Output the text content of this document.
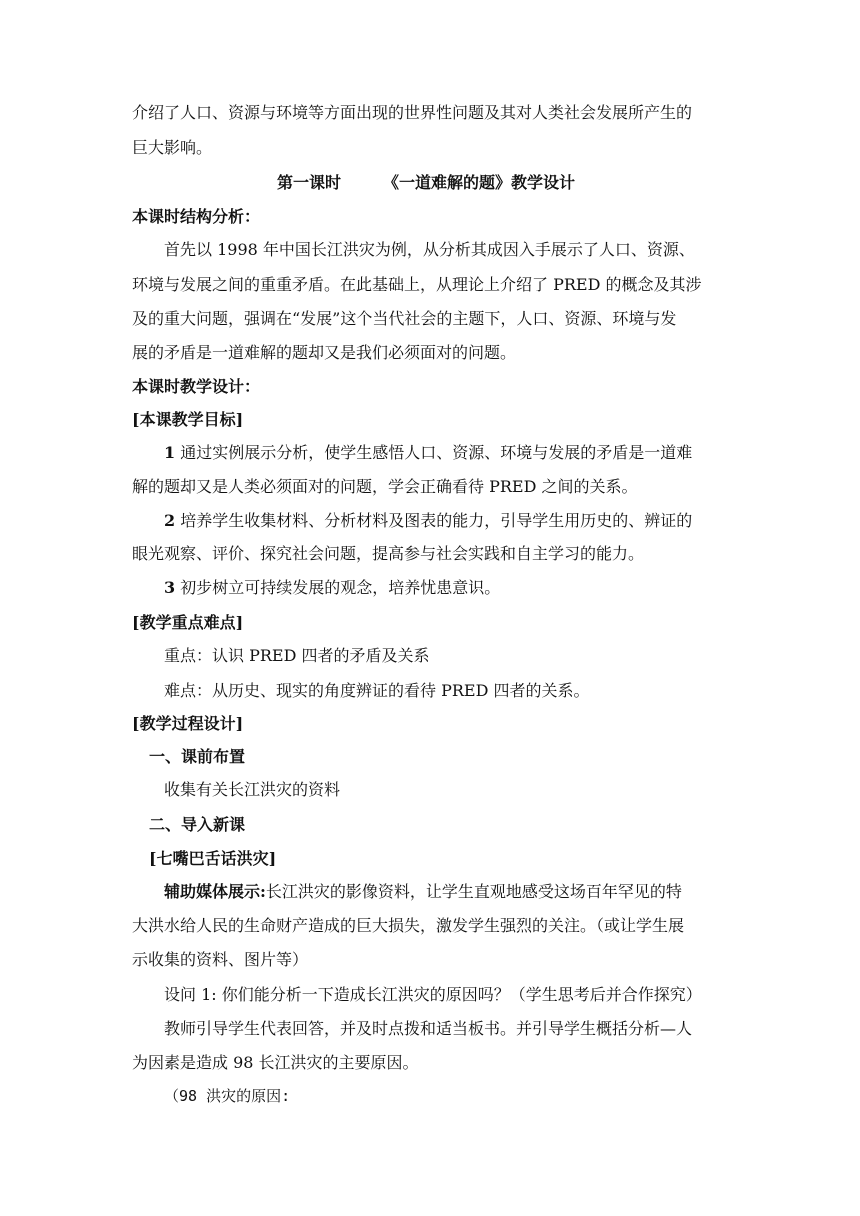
介绍了人口、资源与环境等方面出现的世界性问题及其对人类社会发展所产生的
巨大影响。
第一课时	《一道难解的题》教学设计
本课时结构分析：
首先以 1998 年中国长江洪灾为例，从分析其成因入手展示了人口、资源、
环境与发展之间的重重矛盾。在此基础上，从理论上介绍了 PRED 的概念及其涉
及的重大问题，强调在“发展”这个当代社会的主题下，人口、资源、环境与发
展的矛盾是一道难解的题却又是我们必须面对的问题。
本课时教学设计：
[本课教学目标]
1 通过实例展示分析，使学生感悟人口、资源、环境与发展的矛盾是一道难
解的题却又是人类必须面对的问题，学会正确看待 PRED 之间的关系。
2 培养学生收集材料、分析材料及图表的能力，引导学生用历史的、辨证的
眼光观察、评价、探究社会问题，提高参与社会实践和自主学习的能力。
3 初步树立可持续发展的观念，培养忧患意识。
[教学重点难点]
重点：认识 PRED 四者的矛盾及关系
难点：从历史、现实的角度辨证的看待 PRED 四者的关系。
[教学过程设计]
一、课前布置
收集有关长江洪灾的资料
二、导入新课
[七嘴巴舌话洪灾]
辅助媒体展示:长江洪灾的影像资料，让学生直观地感受这场百年罕见的特
大洪水给人民的生命财产造成的巨大损失，激发学生强烈的关注。（或让学生展
示收集的资料、图片等）
设问 1: 你们能分析一下造成长江洪灾的原因吗？（学生思考后并合作探究）
教师引导学生代表回答，并及时点拨和适当板书。并引导学生概括分析—人
为因素是造成 98 长江洪灾的主要原因。
（98 洪灾的原因:
